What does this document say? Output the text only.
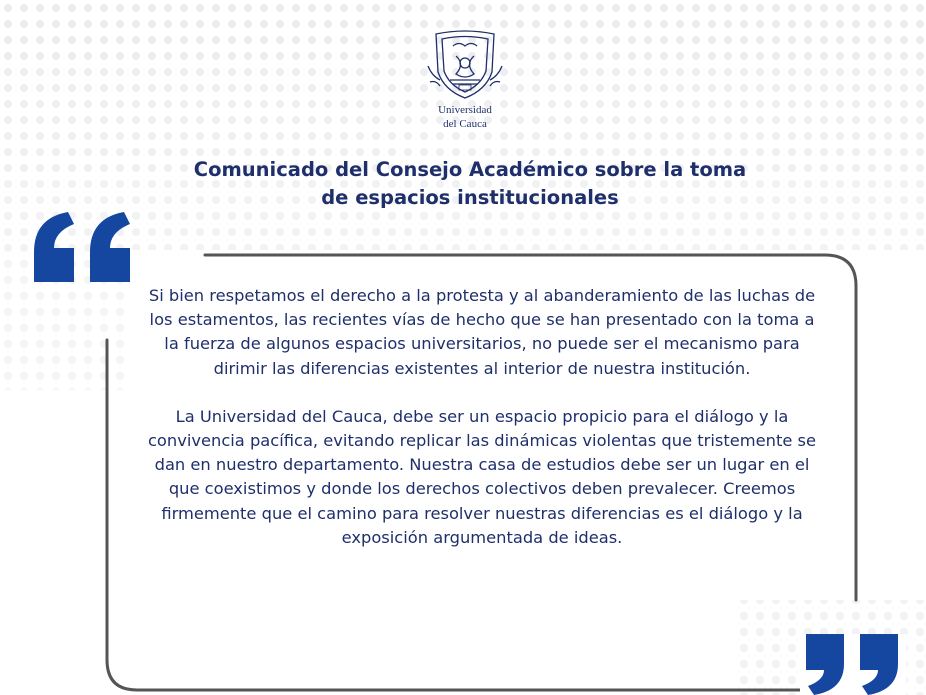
Universidad
del Cauca
Comunicado del Consejo Académico sobre la toma
de espacios institucionales

Si bien respetamos el derecho a la protesta y al abanderamiento de las luchas de los estamentos, las recientes vías de hecho que se han presentado con la toma a la fuerza de algunos espacios universitarios, no puede ser el mecanismo para dirimir las diferencias existentes al interior de nuestra institución.

La Universidad del Cauca, debe ser un espacio propicio para el diálogo y la convivencia pacífica, evitando replicar las dinámicas violentas que tristemente se dan en nuestro departamento. Nuestra casa de estudios debe ser un lugar en el que coexistimos y donde los derechos colectivos deben prevalecer. Creemos firmemente que el camino para resolver nuestras diferencias es el diálogo y la exposición argumentada de ideas.
